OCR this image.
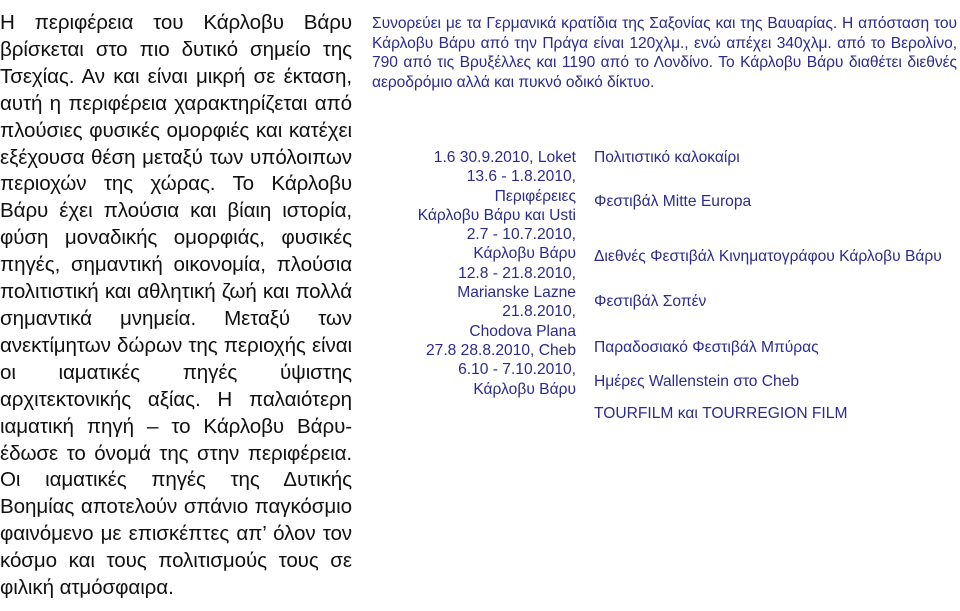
Η περιφέρεια του Κάρλοβυ Βάρυ βρίσκεται στο πιο δυτικό σημείο της Τσεχίας. Αν και είναι μικρή σε έκταση, αυτή η περιφέρεια χαρακτηρίζεται από πλούσιες φυσικές ομορφιές και κατέχει εξέχουσα θέση μεταξύ των υπόλοιπων περιοχών της χώρας. Το Κάρλοβυ Βάρυ έχει πλούσια και βίαιη ιστορία, φύση μοναδικής ομορφιάς, φυσικές πηγές, σημαντική οικονομία, πλούσια πολιτιστική και αθλητική ζωή και πολλά σημαντικά μνημεία. Μεταξύ των ανεκτίμητων δώρων της περιοχής είναι οι ιαματικές πηγές ύψιστης αρχιτεκτονικής αξίας. Η παλαιότερη ιαματική πηγή – το Κάρλοβυ Βάρυ- έδωσε το όνομά της στην περιφέρεια. Οι ιαματικές πηγές της Δυτικής Βοημίας αποτελούν σπάνιο παγκόσμιο φαινόμενο με επισκέπτες απ’ όλον τον κόσμο και τους πολιτισμούς τους σε φιλική ατμόσφαιρα.
Συνορεύει με τα Γερμανικά κρατίδια της Σαξονίας και της Βαυαρίας. Η απόσταση του Κάρλοβυ Βάρυ από την Πράγα είναι 120χλμ., ενώ απέχει 340χλμ. από το Βερολίνο, 790 από τις Βρυξέλλες και 1190 από το Λονδίνο. Το Κάρλοβυ Βάρυ διαθέτει διεθνές αεροδρόμιο αλλά και πυκνό οδικό δίκτυο.
1.6 30.9.2010, Loket
13.6 - 1.8.2010,
Περιφέρειες
Κάρλοβυ Βάρυ και Usti
2.7 - 10.7.2010,
Κάρλοβυ Βάρυ
12.8 - 21.8.2010,
Marianske Lazne
21.8.2010,
Chodova Plana
27.8 28.8.2010, Cheb
6.10 - 7.10.2010,
Κάρλοβυ Βάρυ
Πολιτιστικό καλοκαίρι
Φεστιβάλ Mitte Europa
Διεθνές Φεστιβάλ Κινηματογράφου Κάρλοβυ Βάρυ
Φεστιβάλ Σοπέν
Παραδοσιακό Φεστιβάλ Μπύρας
Ημέρες Wallenstein στο Cheb
TOURFILM και TOURREGION FILM
